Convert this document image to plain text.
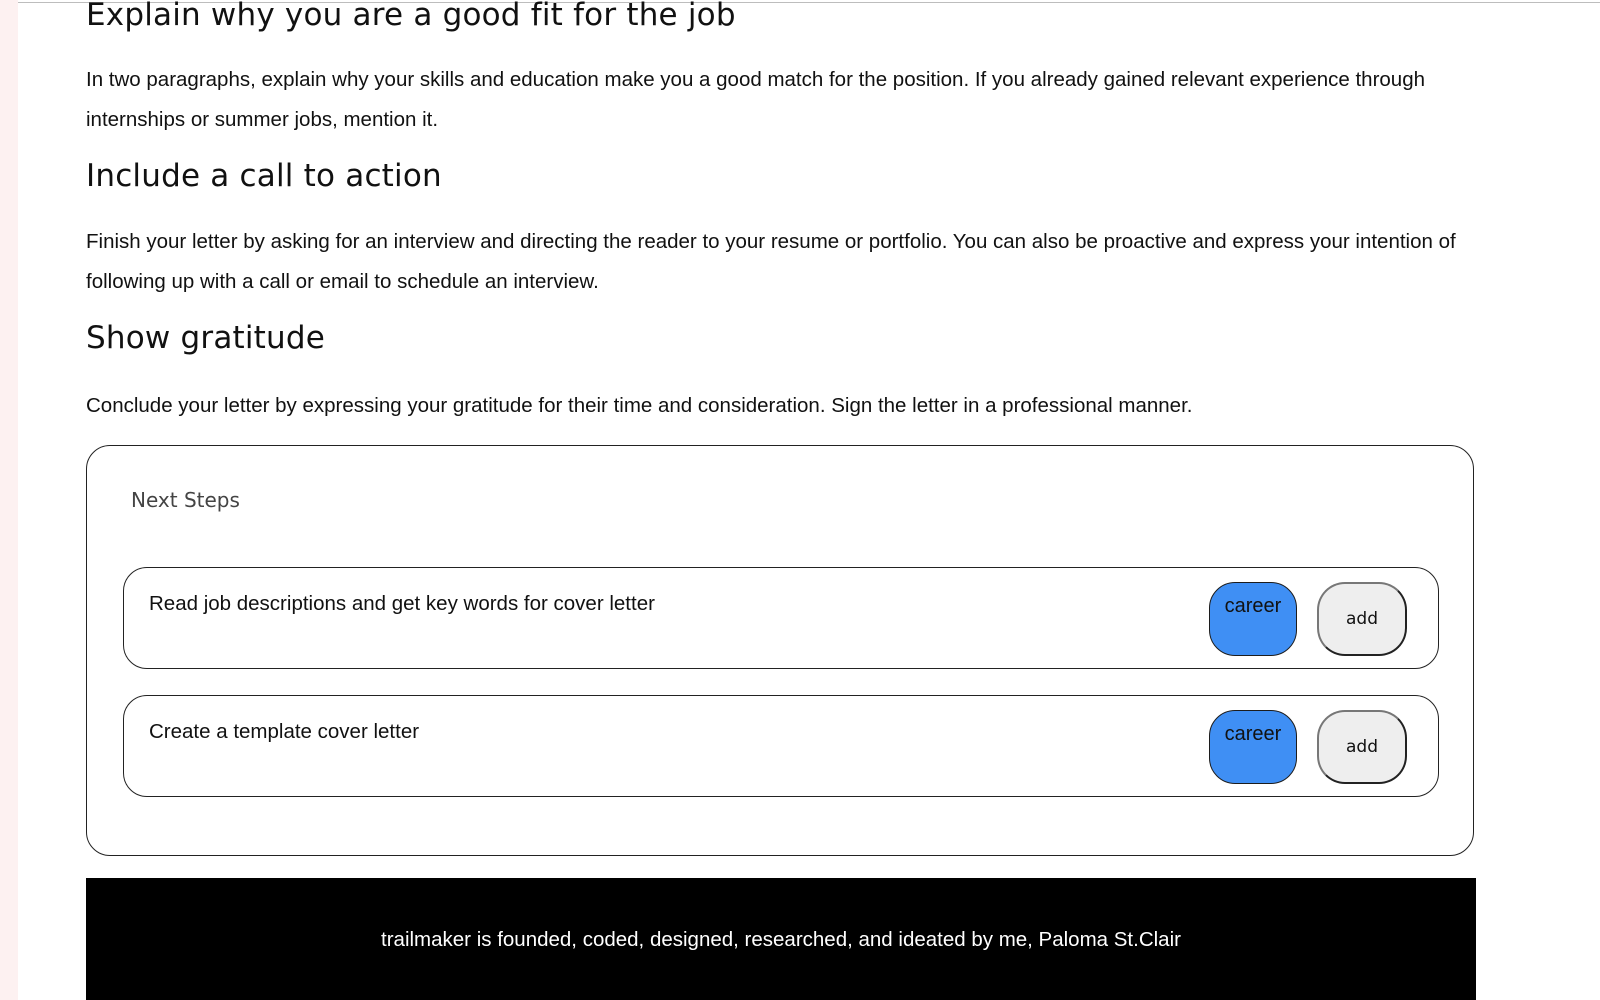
Explain why you are a good fit for the job

In two paragraphs, explain why your skills and education make you a good match for the position. If you already gained relevant experience through internships or summer jobs, mention it.

Include a call to action

Finish your letter by asking for an interview and directing the reader to your resume or portfolio. You can also be proactive and express your intention of following up with a call or email to schedule an interview.

Show gratitude

Conclude your letter by expressing your gratitude for their time and consideration. Sign the letter in a professional manner.

Next Steps
Read job descriptions and get key words for cover letter	career
add
Create a template cover letter	career
add
trailmaker is founded, coded, designed, researched, and ideated by me, Paloma St.Clair
